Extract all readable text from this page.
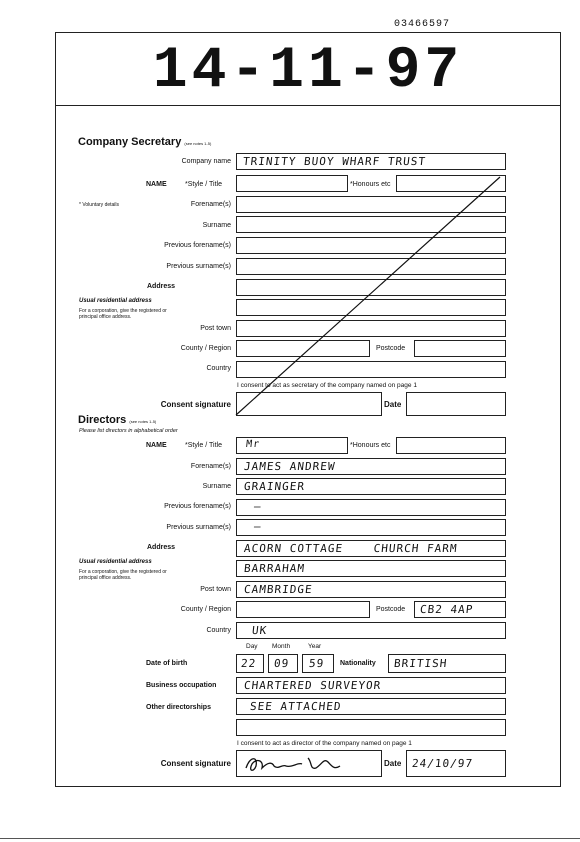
03466597
14-11-97
Company Secretary (see notes 1-5)
Company name TRINITY BUOY WHARF TRUST
NAME	*Style / Title	*Honours etc
* Voluntary details	Forename(s)
Surname
Previous forename(s)
Previous surname(s)
Address
Usual residential address
For a corporation, give the registered or principal office address.
Post town
County / Region	Postcode
Country
I consent to act as secretary of the company named on page 1
Consent signature	Date
Directors (see notes 1-5)
Please list directors in alphabetical order
NAME	*Style / Title Mr	*Honours etc
Forename(s) JAMES ANDREW
Surname GRAINGER
Previous forename(s) —
Previous surname(s) —
Address	ACORN COTTAGE    CHURCH FARM
Usual residential address	BARRAHAM
For a corporation, give the registered or principal office address.
Post town CAMBRIDGE
County / Region	Postcode CB2 4AP
Country UK
Day Month	Year
Date of birth	22 09 59 Nationality BRITISH
Business occupation CHARTERED SURVEYOR
Other directorships	SEE ATTACHED
I consent to act as director of the company named on page 1
Consent signature	Date 24/10/97
